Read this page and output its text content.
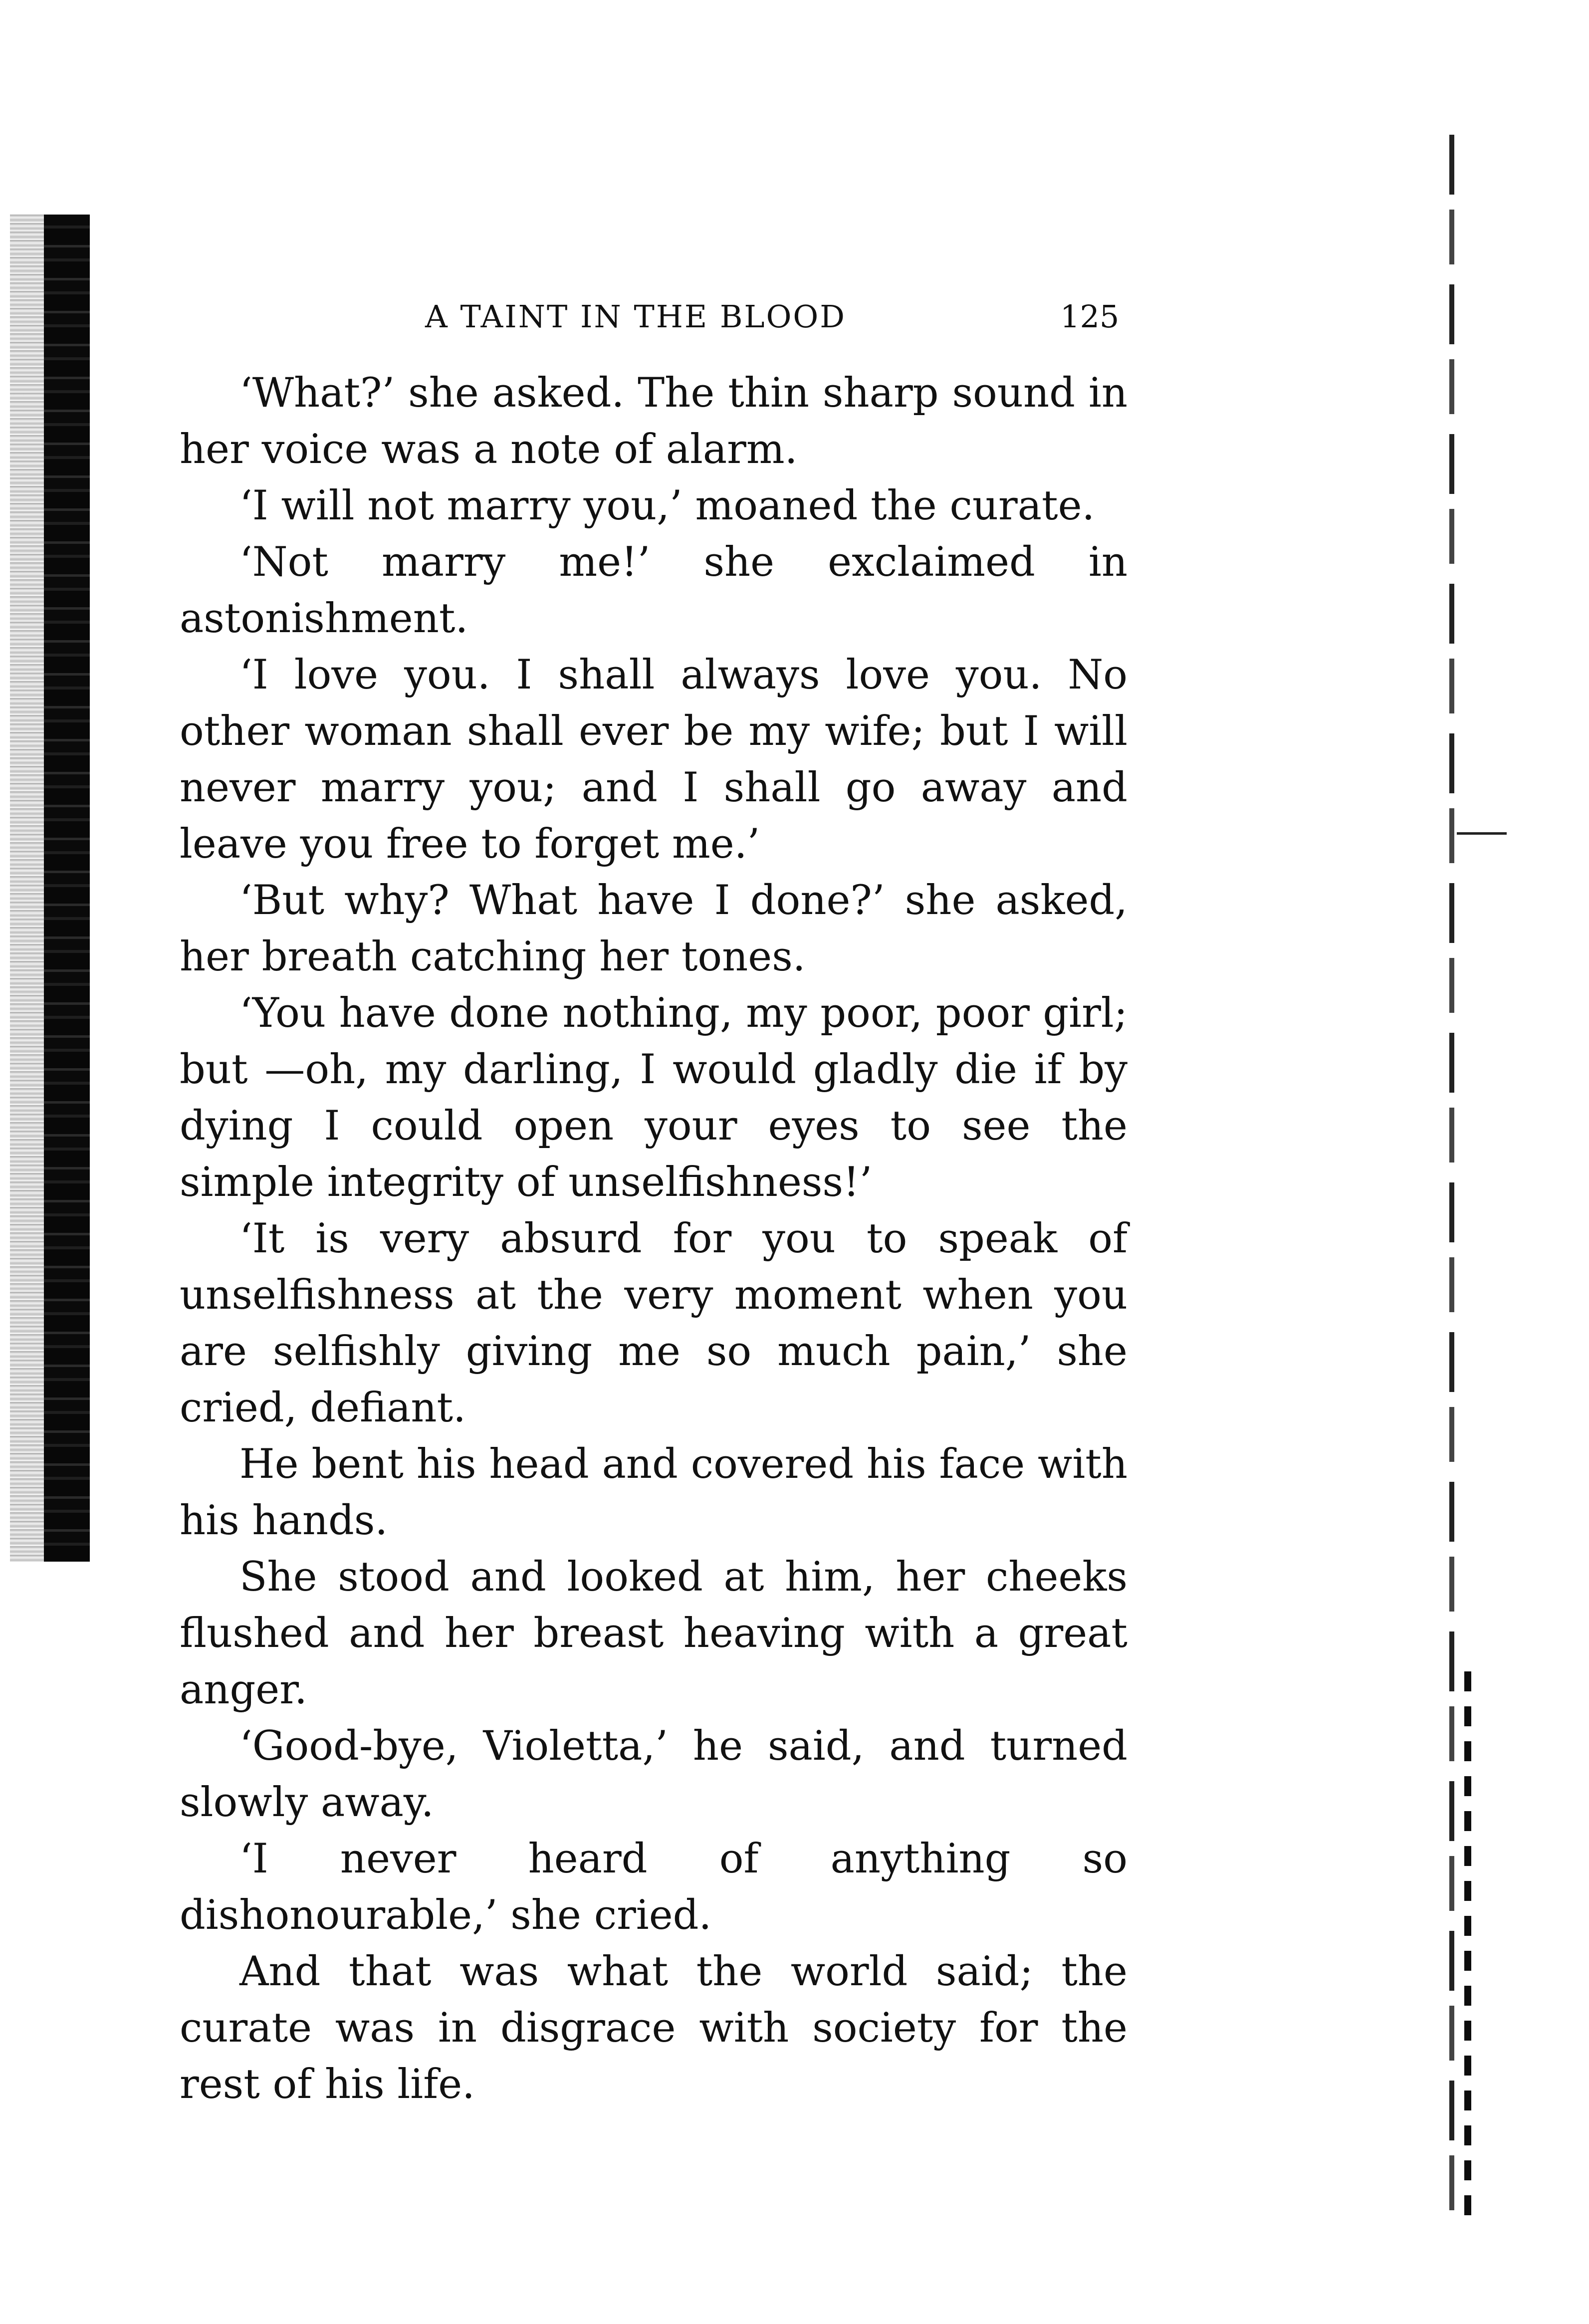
A TAINT IN THE BLOOD	125

‘What?’ she asked. The thin sharp sound in her voice was a note of alarm.

‘I will not marry you,’ moaned the curate.

‘Not marry me!’ she exclaimed in astonishment.

‘I love you. I shall always love you. No other woman shall ever be my wife; but I will never marry you; and I shall go away and leave you free to forget me.’

‘But why? What have I done?’ she asked, her breath catching her tones.

‘You have done nothing, my poor, poor girl; but —oh, my darling, I would gladly die if by dying I could open your eyes to see the simple integrity of unselfishness!’

‘It is very absurd for you to speak of unselfishness at the very moment when you are selfishly giving me so much pain,’ she cried, defiant.

He bent his head and covered his face with his hands.

She stood and looked at him, her cheeks flushed and her breast heaving with a great anger.

‘Good-bye, Violetta,’ he said, and turned slowly away.

‘I never heard of anything so dishonourable,’ she cried.

And that was what the world said; the curate was in disgrace with society for the rest of his life.
